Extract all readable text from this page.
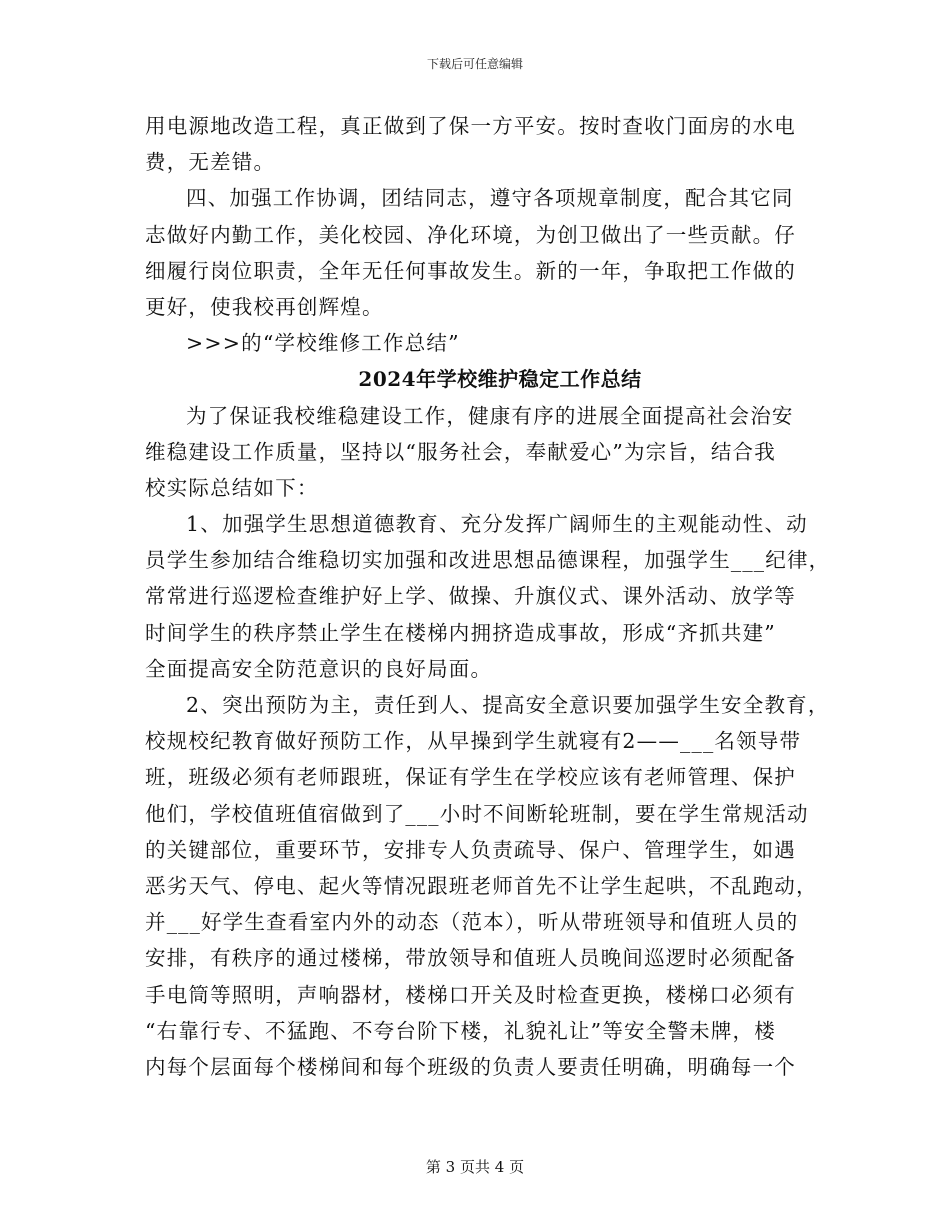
下载后可任意编辑
用电源地改造工程，真正做到了保一方平安。按时查收门面房的水电
费，无差错。
四、加强工作协调，团结同志，遵守各项规章制度，配合其它同
志做好内勤工作，美化校园、净化环境，为创卫做出了一些贡献。仔
细履行岗位职责，全年无任何事故发生。新的一年，争取把工作做的
更好，使我校再创辉煌。
>>>的“学校维修工作总结”
2024年学校维护稳定工作总结
为了保证我校维稳建设工作，健康有序的进展全面提高社会治安
维稳建设工作质量，坚持以“服务社会，奉献爱心”为宗旨，结合我
校实际总结如下：
1、加强学生思想道德教育、充分发挥广阔师生的主观能动性、动
员学生参加结合维稳切实加强和改进思想品德课程，加强学生___纪律，
常常进行巡逻检查维护好上学、做操、升旗仪式、课外活动、放学等
时间学生的秩序禁止学生在楼梯内拥挤造成事故，形成“齐抓共建”
全面提高安全防范意识的良好局面。
2、突出预防为主，责任到人、提高安全意识要加强学生安全教育，
校规校纪教育做好预防工作，从早操到学生就寝有2——___名领导带
班，班级必须有老师跟班，保证有学生在学校应该有老师管理、保护
他们，学校值班值宿做到了___小时不间断轮班制，要在学生常规活动
的关键部位，重要环节，安排专人负责疏导、保户、管理学生，如遇
恶劣天气、停电、起火等情况跟班老师首先不让学生起哄，不乱跑动，
并___好学生查看室内外的动态（范本），听从带班领导和值班人员的
安排，有秩序的通过楼梯，带放领导和值班人员晚间巡逻时必须配备
手电筒等照明，声响器材，楼梯口开关及时检查更换，楼梯口必须有
“右靠行专、不猛跑、不夸台阶下楼，礼貌礼让”等安全警未牌，楼
内每个层面每个楼梯间和每个班级的负责人要责任明确，明确每一个
第 3 页共 4 页
